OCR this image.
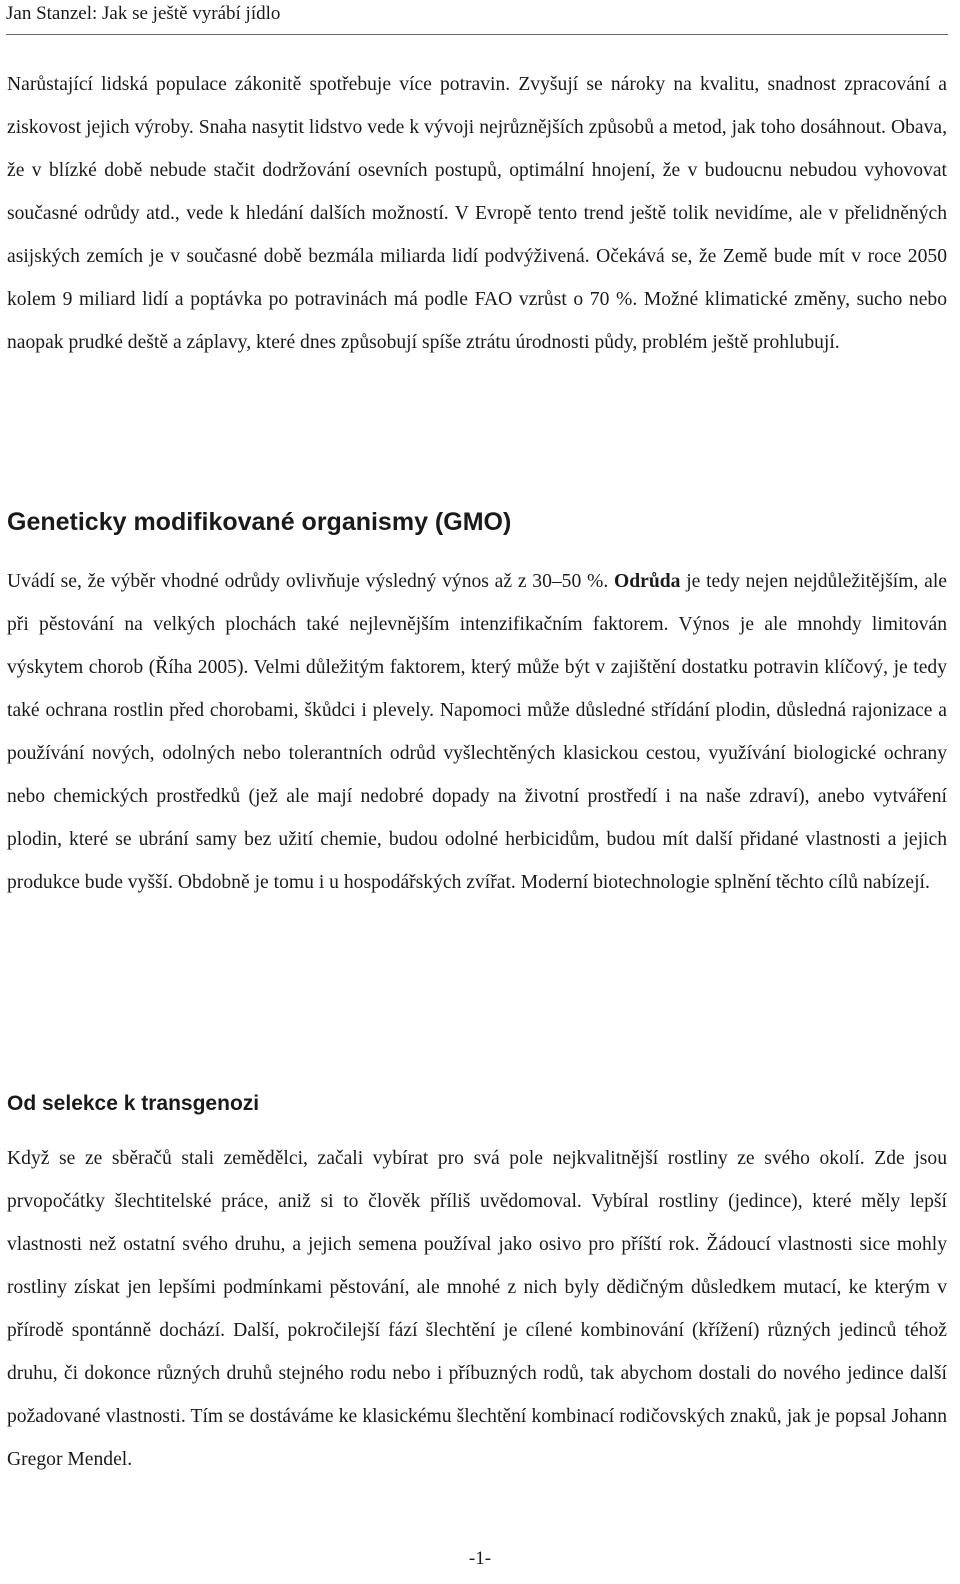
Jan Stanzel: Jak se ještě vyrábí jídlo

Narůstající lidská populace zákonitě spotřebuje více potravin. Zvyšují se nároky na kvalitu, snadnost zpracování a ziskovost jejich výroby. Snaha nasytit lidstvo vede k vývoji nejrůznějších způsobů a metod, jak toho dosáhnout. Obava, že v blízké době nebude stačit dodržování osevních postupů, optimální hnojení, že v budoucnu nebudou vyhovovat současné odrůdy atd., vede k hledání dalších možností. V Evropě tento trend ještě tolik nevidíme, ale v přelidněných asijských zemích je v současné době bezmála miliarda lidí podvýživená. Očekává se, že Země bude mít v roce 2050 kolem 9 miliard lidí a poptávka po potravinách má podle FAO vzrůst o 70 %. Možné klimatické změny, sucho nebo naopak prudké deště a záplavy, které dnes způsobují spíše ztrátu úrodnosti půdy, problém ještě prohlubují.

Geneticky modifikované organismy (GMO)

Uvádí se, že výběr vhodné odrůdy ovlivňuje výsledný výnos až z 30–50 %. Odrůda je tedy nejen nejdůležitějším, ale při pěstování na velkých plochách také nejlevnějším intenzifikačním faktorem. Výnos je ale mnohdy limitován výskytem chorob (Říha 2005). Velmi důležitým faktorem, který může být v zajištění dostatku potravin klíčový, je tedy také ochrana rostlin před chorobami, škůdci i plevely. Napomoci může důsledné střídání plodin, důsledná rajonizace a používání nových, odolných nebo tolerantních odrůd vyšlechtěných klasickou cestou, využívání biologické ochrany nebo chemických prostředků (jež ale mají nedobré dopady na životní prostředí i na naše zdraví), anebo vytváření plodin, které se ubrání samy bez užití chemie, budou odolné herbicidům, budou mít další přidané vlastnosti a jejich produkce bude vyšší. Obdobně je tomu i u hospodářských zvířat. Moderní biotechnologie splnění těchto cílů nabízejí.

Od selekce k transgenozi

Když se ze sběračů stali zemědělci, začali vybírat pro svá pole nejkvalitnější rostliny ze svého okolí. Zde jsou prvopočátky šlechtitelské práce, aniž si to člověk příliš uvědomoval. Vybíral rostliny (jedince), které měly lepší vlastnosti než ostatní svého druhu, a jejich semena používal jako osivo pro příští rok. Žádoucí vlastnosti sice mohly rostliny získat jen lepšími podmínkami pěstování, ale mnohé z nich byly dědičným důsledkem mutací, ke kterým v přírodě spontánně dochází. Další, pokročilejší fází šlechtění je cílené kombinování (křížení) různých jedinců téhož druhu, či dokonce různých druhů stejného rodu nebo i příbuzných rodů, tak abychom dostali do nového jedince další požadované vlastnosti. Tím se dostáváme ke klasickému šlechtění kombinací rodičovských znaků, jak je popsal Johann Gregor Mendel.

-1-
